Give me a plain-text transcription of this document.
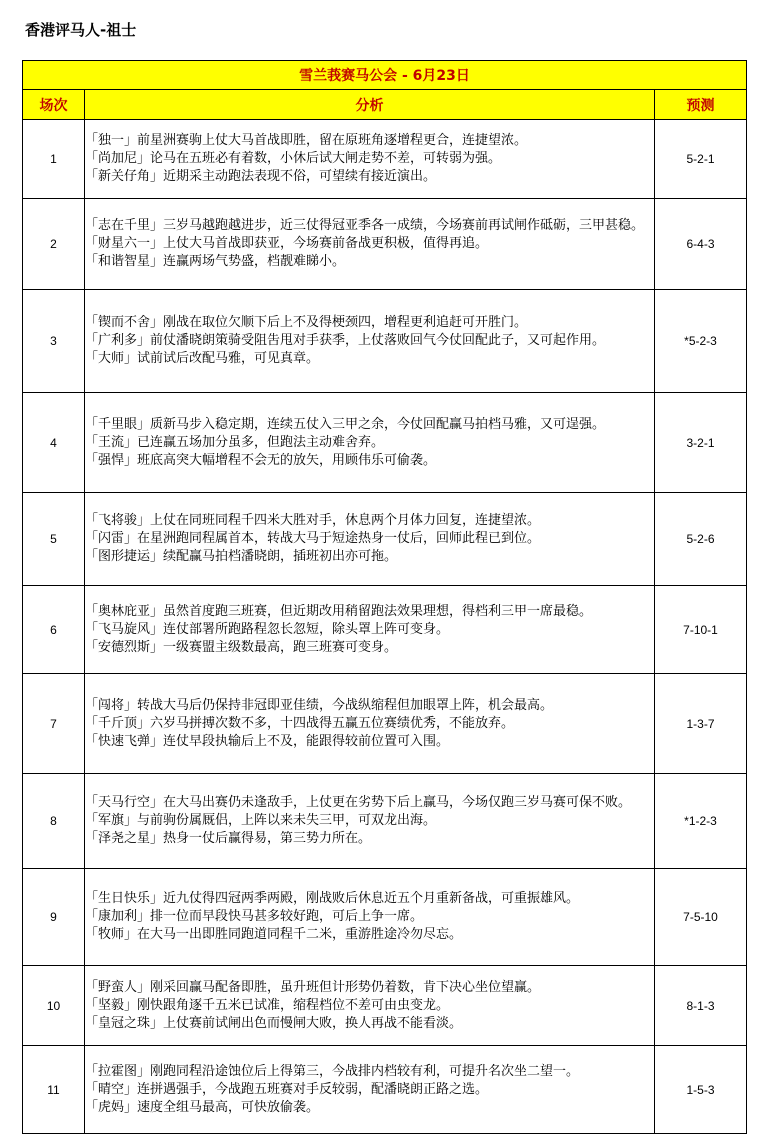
香港评马人-祖士
雪兰莪赛马公会 - 6月23日		
场次	分析	预测
1	「独一」前星洲赛驹上仗大马首战即胜，留在原班角逐增程更合，连捷望浓。
「尚加尼」论马在五班必有着数，小休后试大闸走势不差，可转弱为强。
「新关仔角」近期采主动跑法表现不俗，可望续有接近演出。	5-2-1
2	「志在千里」三岁马越跑越进步，近三仗得冠亚季各一成绩，今场赛前再试闸作砥砺，三甲甚稳。
「财星六一」上仗大马首战即获亚，今场赛前备战更积极，值得再追。
「和谐智星」连赢两场气势盛，档靓难睇小。	6-4-3
3	「锲而不舍」刚战在取位欠顺下后上不及得梗颈四，增程更利追赶可开胜门。
「广利多」前仗潘晓朗策骑受阻吿甩对手获季，上仗落败回气今仗回配此子，又可起作用。
「大师」试前试后改配马雅，可见真章。	*5-2-3
4	「千里眼」质新马步入稳定期，连续五仗入三甲之余，今仗回配赢马拍档马雅，又可逞强。
「王流」已连赢五场加分虽多，但跑法主动难舍弃。
「强悍」班底高突大幅增程不会无的放矢，用顾伟乐可偷袭。	3-2-1
5	「飞将骏」上仗在同班同程千四米大胜对手，休息两个月体力回复，连捷望浓。
「闪雷」在星洲跑同程属首本，转战大马于短途热身一仗后，回师此程已到位。
「图形捷运」续配赢马拍档潘晓朗，插班初出亦可拖。	5-2-6
6	「奥林庇亚」虽然首度跑三班赛，但近期改用稍留跑法效果理想，得档利三甲一席最稳。
「飞马旋风」连仗部署所跑路程忽长忽短，除头罩上阵可变身。
「安德烈斯」一级赛盟主级数最高，跑三班赛可变身。	7-10-1
7	「闯将」转战大马后仍保持非冠即亚佳绩，今战纵缩程但加眼罩上阵，机会最高。
「千斤顶」六岁马拼搏次数不多，十四战得五赢五位赛绩优秀，不能放弃。
「快速飞弹」连仗早段执输后上不及，能跟得较前位置可入围。	1-3-7
8	「天马行空」在大马出赛仍未逢敌手，上仗更在劣势下后上赢马，今场仅跑三岁马赛可保不败。
「军旗」与前驹份属厩侣，上阵以来未失三甲，可双龙出海。
「泽尧之星」热身一仗后赢得易，第三势力所在。	*1-2-3
9	「生日快乐」近九仗得四冠两季两殿，刚战败后休息近五个月重新备战，可重振雄风。
「康加利」排一位而早段快马甚多较好跑，可后上争一席。
「牧师」在大马一出即胜同跑道同程千二米，重游胜途冷勿尽忘。	7-5-10
10	「野蛮人」刚采回赢马配备即胜，虽升班但计形势仍着数，肯下决心坐位望赢。
「坚毅」刚快跟角逐千五米已试准，缩程档位不差可由虫变龙。
「皇冠之珠」上仗赛前试闸出色而慢闸大败，换人再战不能看淡。	8-1-3
11	「拉霍图」刚跑同程沿途蚀位后上得第三，今战排内档较有利，可提升名次坐二望一。
「晴空」连拼遇强手，今战跑五班赛对手反较弱，配潘晓朗正路之选。
「虎妈」速度全组马最高，可快放偷袭。	1-5-3
